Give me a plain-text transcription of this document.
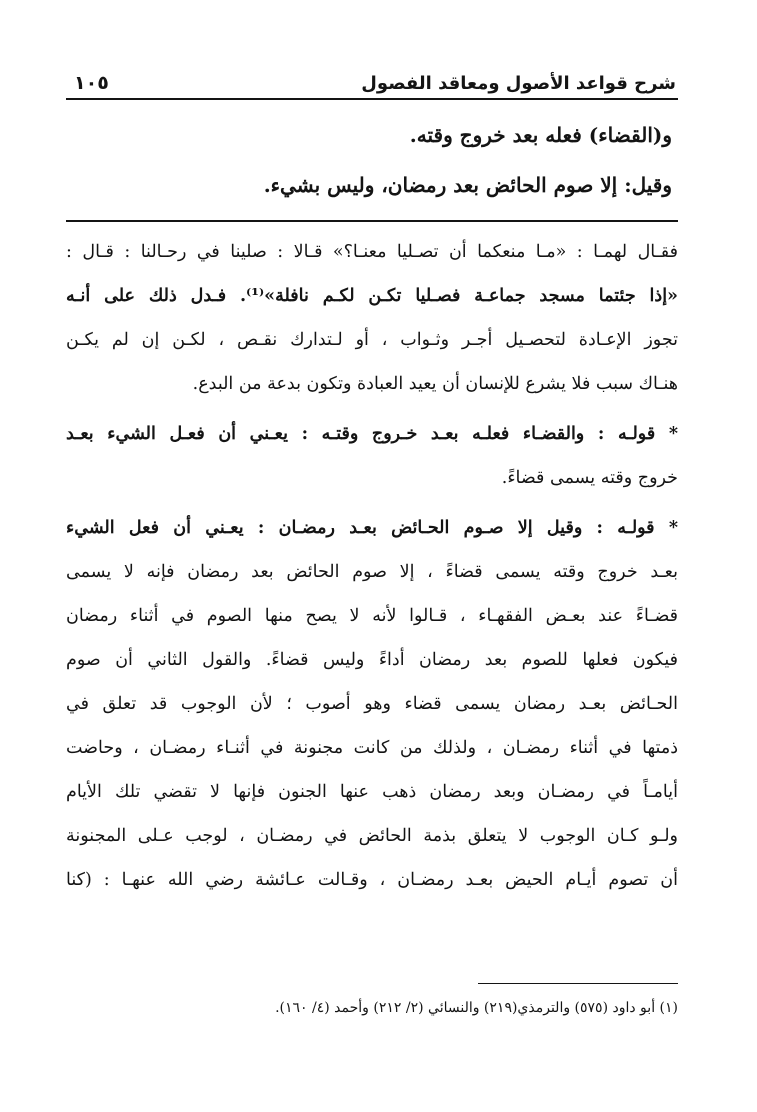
شرح قواعد الأصول ومعاقد الفصول
١٠٥
و(القضاء) فعله بعد خروج وقته.
وقيل: إلا صوم الحائض بعد رمضان، وليس بشيء.
فقـال لهمـا : «مـا منعكما أن تصـليا معنـا؟» قـالا : صلينا في رحـالنا : قـال :
«إذا جئتما مسجد جماعـة فصـليا تكـن لكـم نافلة»⁽¹⁾. فـدل ذلك على أنـه
تجوز الإعـادة لتحصـيل أجـر وثـواب ، أو لـتدارك نقـص ، لكـن إن لم يكـن
هنـاك سبب فلا يشرع للإنسان أن يعيد العبادة وتكون بدعة من البدع.
* قولـه : والقضـاء فعلـه بعـد خـروج وقتـه : يعـني أن فعـل الشيء بعـد
خروج وقته يسمى قضاءً.
* قولـه : وقيل إلا صـوم الحـائض بعـد رمضـان : يعـني أن فعل الشيء
بعـد خروج وقته يسمى قضاءً ، إلا صوم الحائض بعد رمضان فإنه لا يسمى
قضـاءً عند بعـض الفقهـاء ، قـالوا لأنه لا يصح منها الصوم في أثناء رمضان
فيكون فعلها للصوم بعد رمضان أداءً وليس قضاءً. والقول الثاني أن صوم
الحـائض بعـد رمضان يسمى قضاء وهو أصوب ؛ لأن الوجوب قد تعلق في
ذمتها في أثناء رمضـان ، ولذلك من كانت مجنونة في أثنـاء رمضـان ، وحاضت
أيامـاً في رمضـان وبعد رمضان ذهب عنها الجنون فإنها لا تقضي تلك الأيام
ولـو كـان الوجوب لا يتعلق بذمة الحائض في رمضـان ، لوجب عـلى المجنونة
أن تصوم أيـام الحيض بعـد رمضـان ، وقـالت عـائشة رضي الله عنهـا : (كنا
(١) أبو داود (٥٧٥) والترمذي(٢١٩) والنسائي (٢/ ٢١٢) وأحمد (٤/ ١٦٠).
